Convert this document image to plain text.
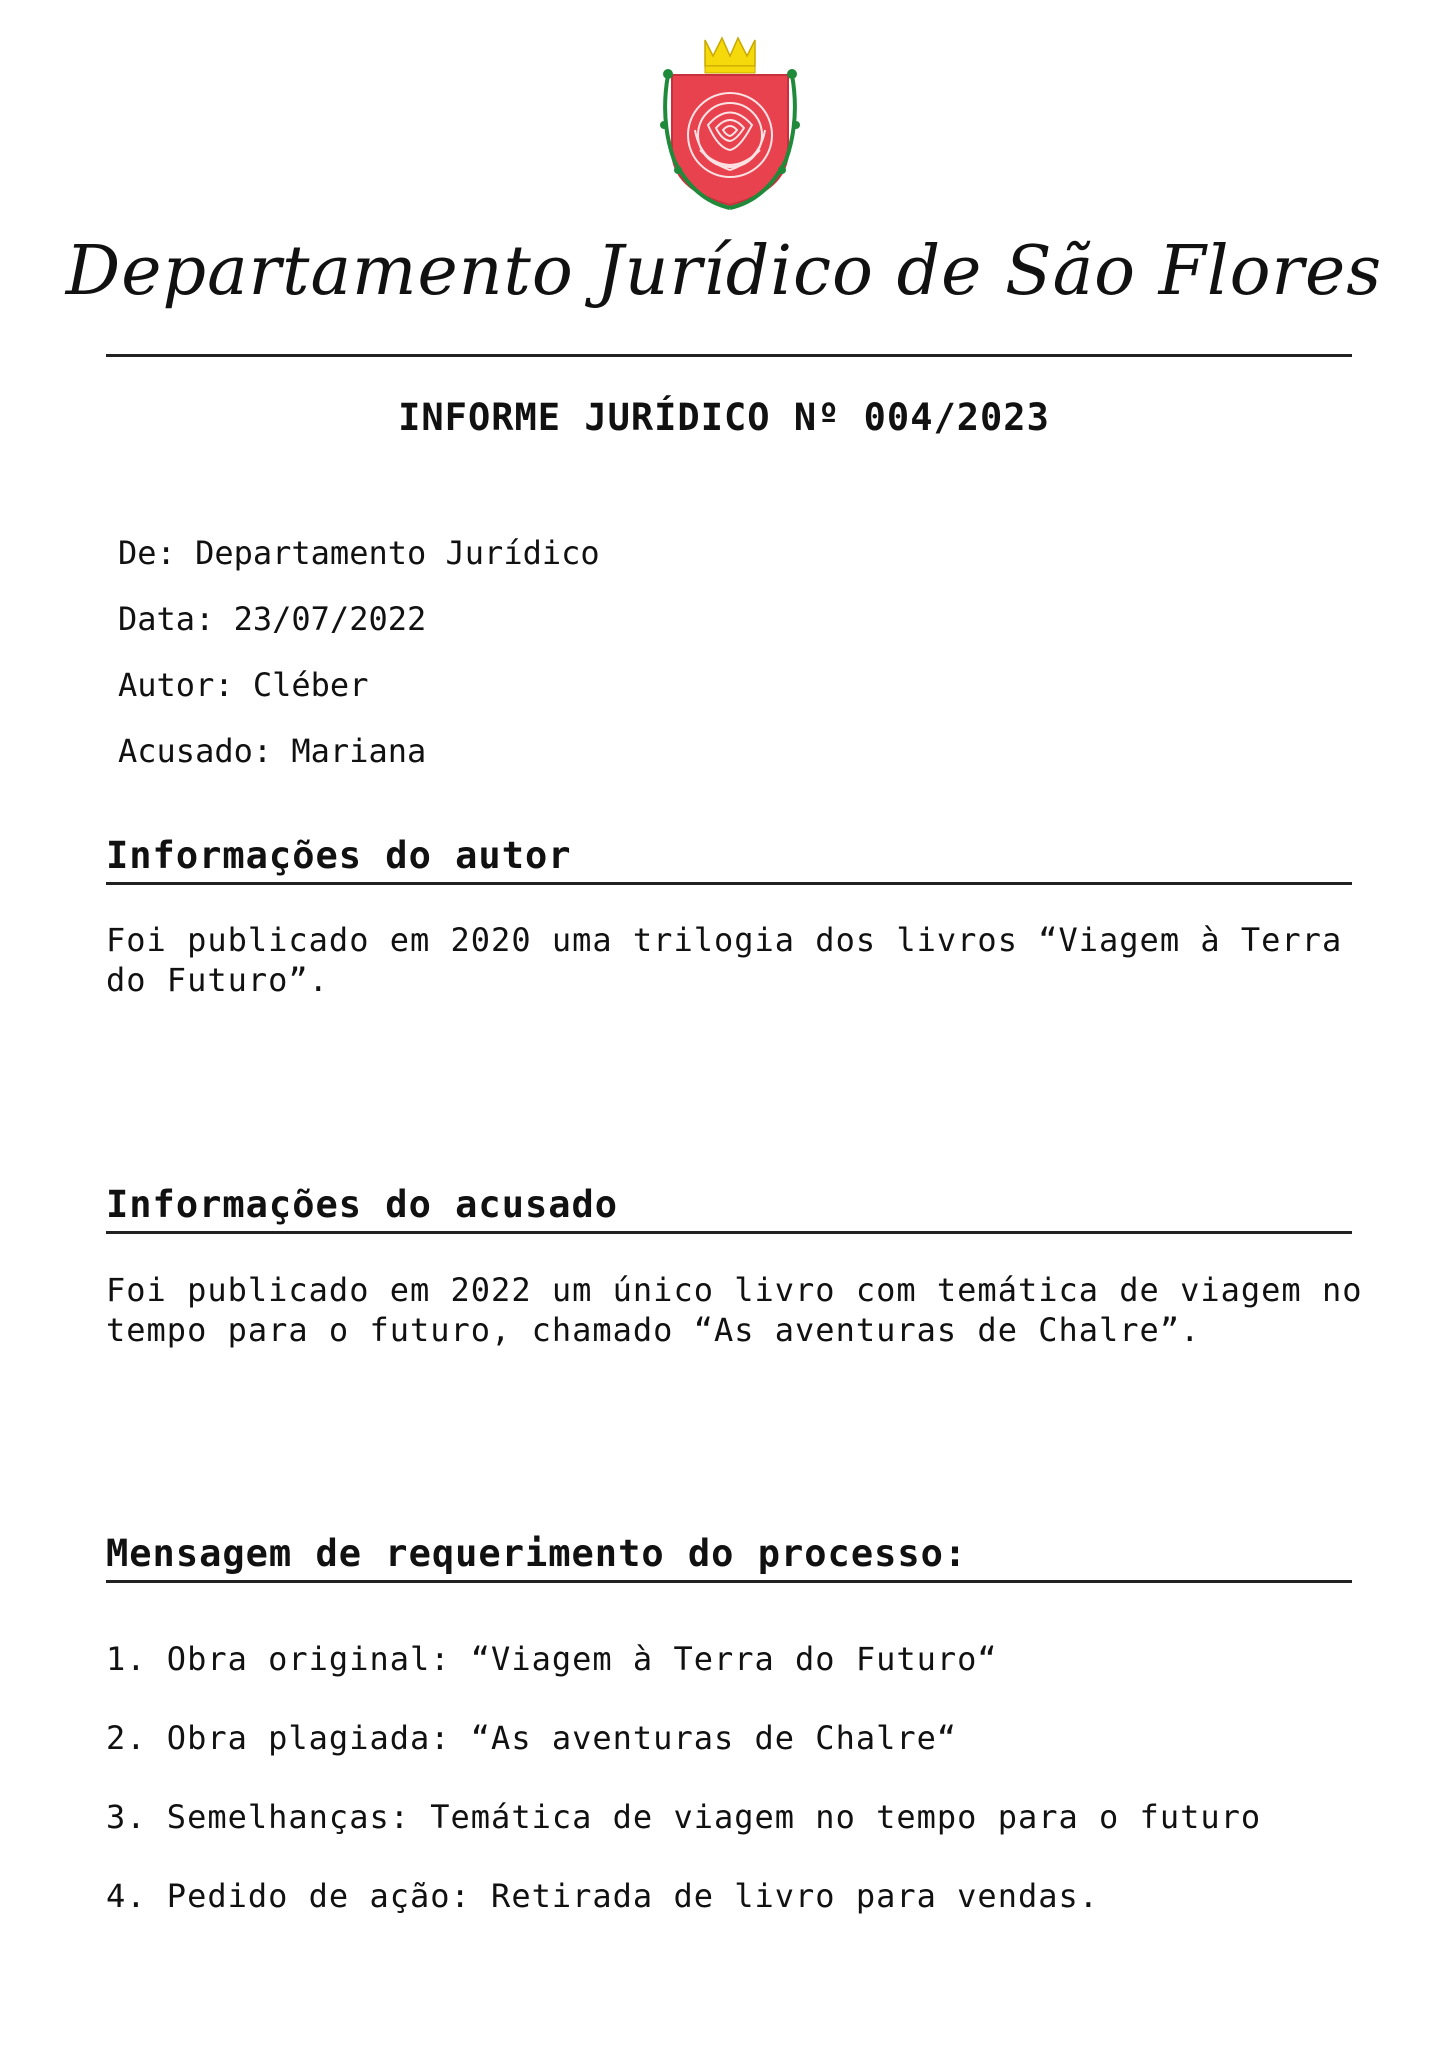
Departamento Jurídico de São Flores
INFORME JURÍDICO Nº 004/2023
De: Departamento Jurídico
Data: 23/07/2022
Autor: Cléber
Acusado: Mariana
Informações do autor
Foi publicado em 2020 uma trilogia dos livros “Viagem à Terra do Futuro”.
Informações do acusado
Foi publicado em 2022 um único livro com temática de viagem no tempo para o futuro, chamado “As aventuras de Chalre”.
Mensagem de requerimento do processo:
1. Obra original: “Viagem à Terra do Futuro“
2. Obra plagiada: “As aventuras de Chalre“
3. Semelhanças: Temática de viagem no tempo para o futuro
4. Pedido de ação: Retirada de livro para vendas.
